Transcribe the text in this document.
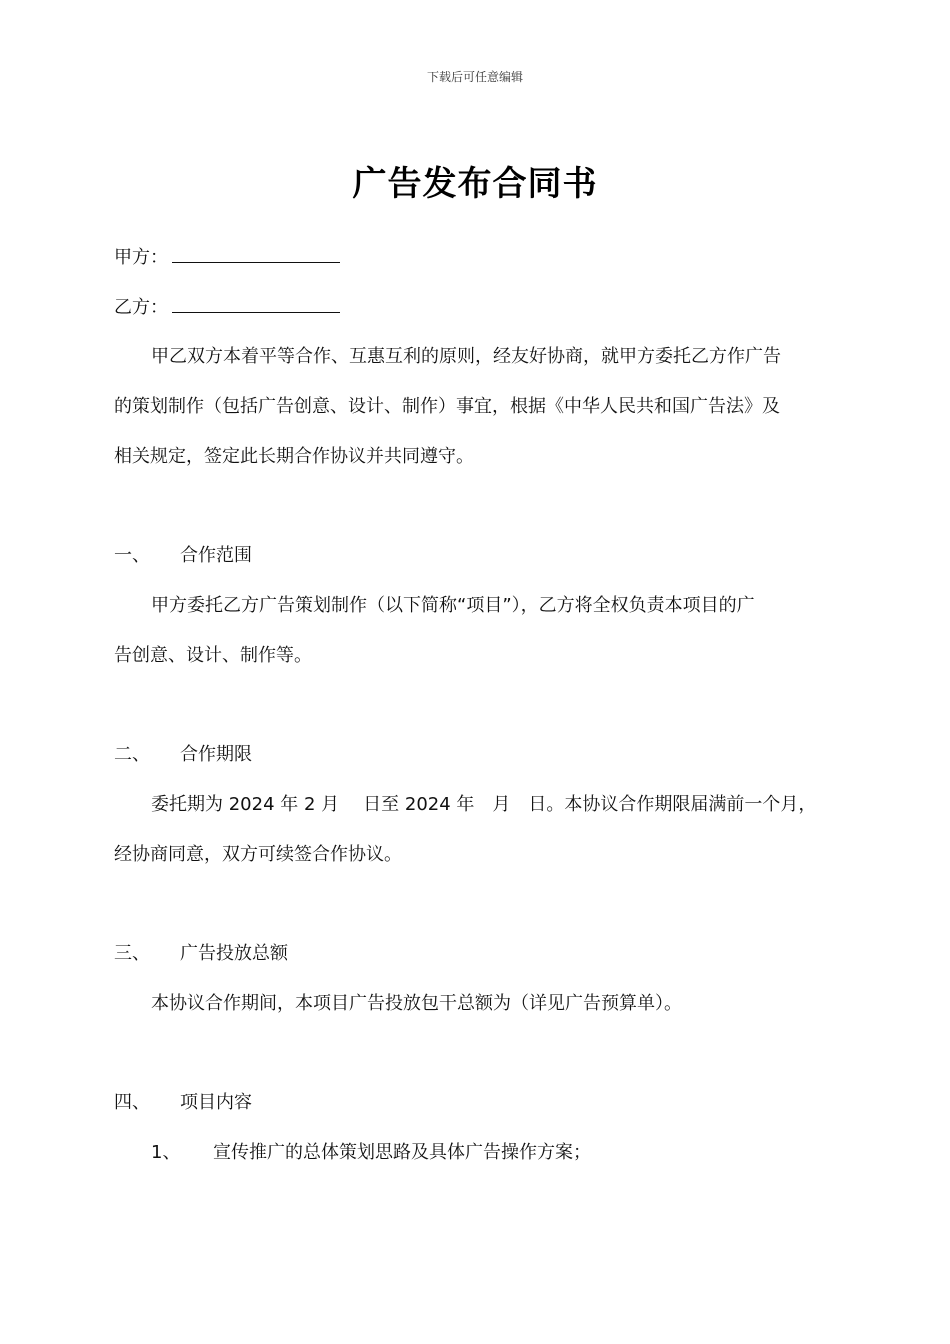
下载后可任意编辑
广告发布合同书
甲方：
乙方：
甲乙双方本着平等合作、互惠互利的原则，经友好协商，就甲方委托乙方作广告
的策划制作（包括广告创意、设计、制作）事宜，根据《中华人民共和国广告法》及
相关规定，签定此长期合作协议并共同遵守。
一、 合作范围
甲方委托乙方广告策划制作（以下简称“项目”），乙方将全权负责本项目的广
告创意、设计、制作等。
二、 合作期限
委托期为 2024 年 2 月 日至 2024 年 月 日。本协议合作期限届满前一个月，
经协商同意，双方可续签合作协议。
三、 广告投放总额
本协议合作期间，本项目广告投放包干总额为（详见广告预算单）。
四、 项目内容
1、 宣传推广的总体策划思路及具体广告操作方案；
